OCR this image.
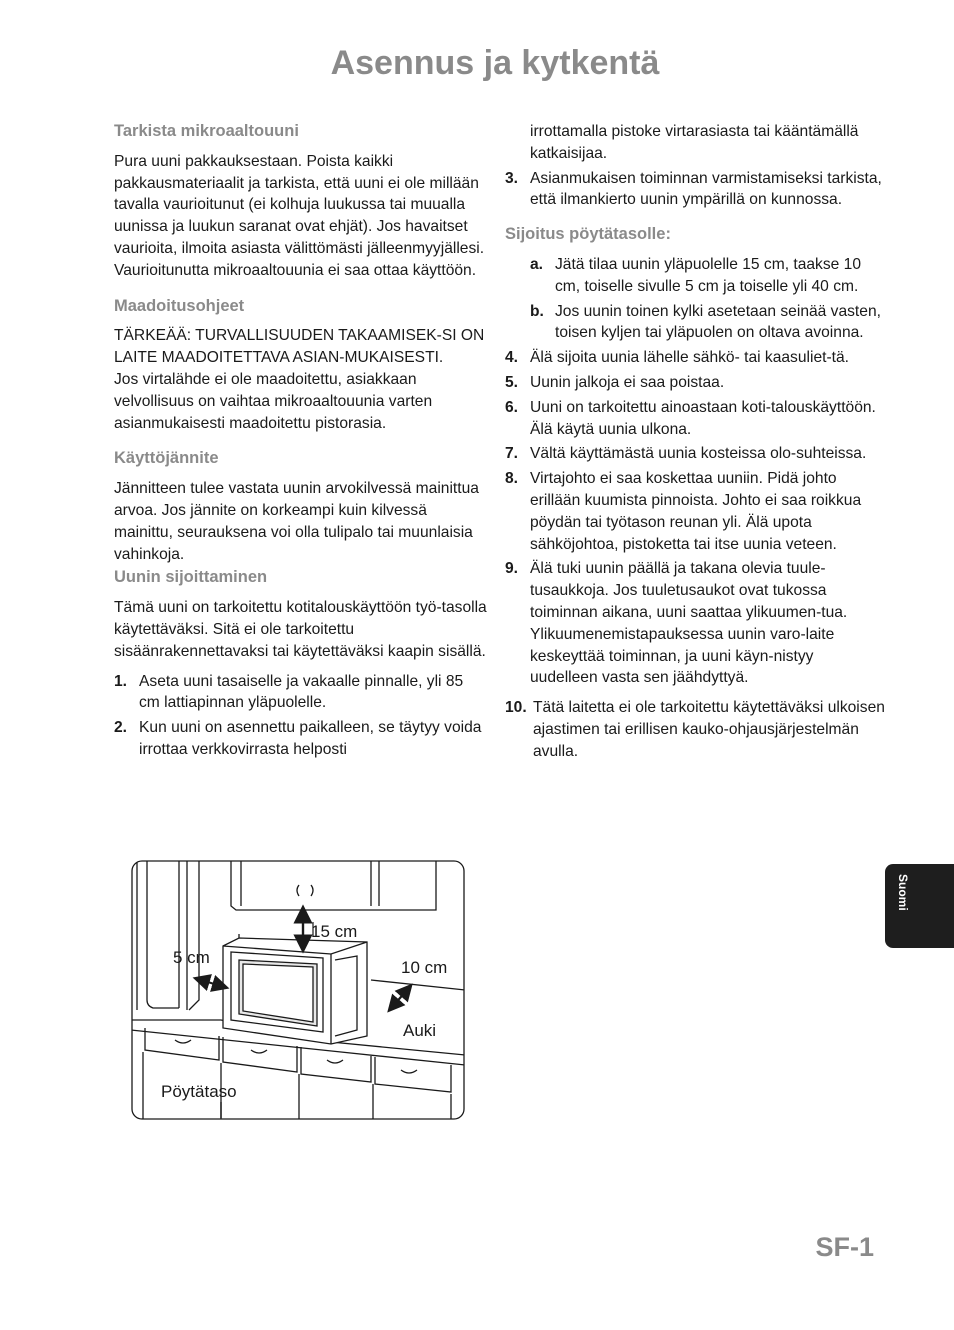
Asennus ja kytkentä
Tarkista mikroaaltouuni

Pura uuni pakkauksestaan. Poista kaikki pakkausmateriaalit ja tarkista, että uuni ei ole millään tavalla vaurioitunut (ei kolhuja luukussa tai muualla uunissa ja luukun saranat ovat ehjät). Jos havaitset vaurioita, ilmoita asiasta välittömästi jälleenmyyjällesi. Vaurioitunutta mikroaaltouunia ei saa ottaa käyttöön.

Maadoitusohjeet

TÄRKEÄÄ: TURVALLISUUDEN TAKAAMISEK-SI ON LAITE MAADOITETTAVA ASIAN-MUKAISESTI.

Jos virtalähde ei ole maadoitettu, asiakkaan velvollisuus on vaihtaa mikroaaltouunia varten asianmukaisesti maadoitettu pistorasia.

Käyttöjännite

Jännitteen tulee vastata uunin arvokilvessä mainittua arvoa. Jos jännite on korkeampi kuin kilvessä mainittu, seurauksena voi olla tulipalo tai muunlaisia vahinkoja.

Uunin sijoittaminen

Tämä uuni on tarkoitettu kotitalouskäyttöön työ-tasolla käytettäväksi. Sitä ei ole tarkoitettu sisäänrakennettavaksi tai käytettäväksi kaapin sisällä.

1. Aseta uuni tasaiselle ja vakaalle pinnalle, yli 85 cm lattiapinnan yläpuolelle.
2. Kun uuni on asennettu paikalleen, se täytyy voida irrottaa verkkovirrasta helposti

irrottamalla pistoke virtarasiasta tai kääntämällä katkaisijaa.

3. Asianmukaisen toiminnan varmistamiseksi tarkista, että ilmankierto uunin ympärillä on kunnossa.
Sijoitus pöytätasolle:
a. Jätä tilaa uunin yläpuolelle 15 cm, taakse 10 cm, toiselle sivulle 5 cm ja toiselle yli 40 cm.
b. Jos uunin toinen kylki asetetaan seinää vasten, toisen kyljen tai yläpuolen on oltava avoinna.
4. Älä sijoita uunia lähelle sähkö- tai kaasuliet-tä.
5. Uunin jalkoja ei saa poistaa.
6. Uuni on tarkoitettu ainoastaan koti-talouskäyttöön. Älä käytä uunia ulkona.
7. Vältä käyttämästä uunia kosteissa olo-suhteissa.
8. Virtajohto ei saa koskettaa uuniin. Pidä johto erillään kuumista pinnoista. Johto ei saa roikkua pöydän tai työtason reunan yli. Älä upota sähköjohtoa, pistoketta tai itse uunia veteen.
9. Älä tuki uunin päällä ja takana olevia tuule-tusaukkoja. Jos tuuletusaukot ovat tukossa toiminnan aikana, uuni saattaa ylikuumen-tua. Ylikuumenemistapauksessa uunin varo-laite keskeyttää toiminnan, ja uuni käyn-nistyy uudelleen vasta sen jäähdyttyä.
10. Tätä laitetta ei ole tarkoitettu käytettäväksi ulkoisen ajastimen tai erillisen kauko-ohjausjärjestelmän avulla.
15 cm
5 cm
10 cm
Auki
Pöytätaso
Suomi
SF-1
